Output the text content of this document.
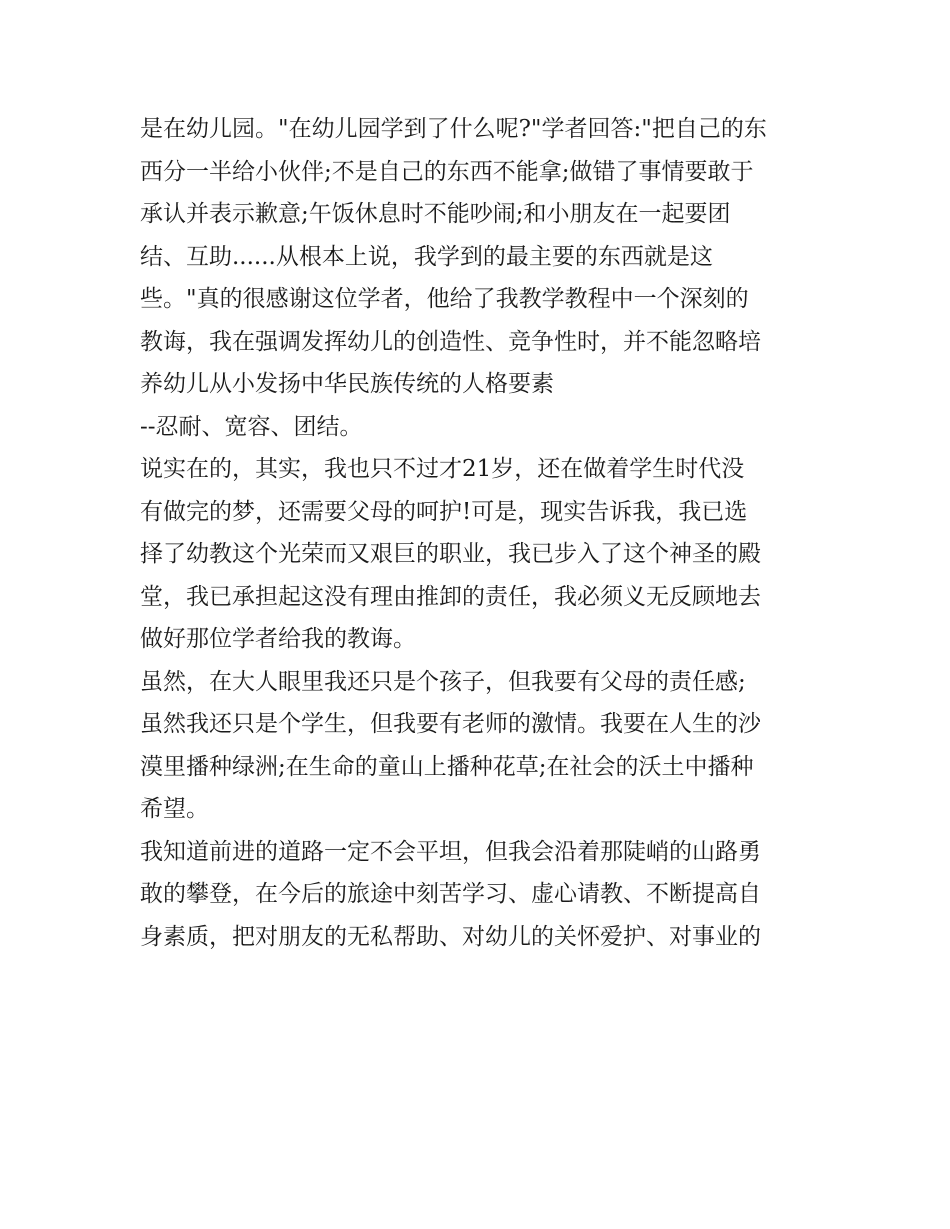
是在幼儿园。"在幼儿园学到了什么呢?"学者回答:"把自己的东
西分一半给小伙伴;不是自己的东西不能拿;做错了事情要敢于
承认并表示歉意;午饭休息时不能吵闹;和小朋友在一起要团
结、互助......从根本上说，我学到的最主要的东西就是这
些。"真的很感谢这位学者，他给了我教学教程中一个深刻的
教诲，我在强调发挥幼儿的创造性、竞争性时，并不能忽略培
养幼儿从小发扬中华民族传统的人格要素
--忍耐、宽容、团结。
说实在的，其实，我也只不过才21岁，还在做着学生时代没
有做完的梦，还需要父母的呵护!可是，现实告诉我，我已选
择了幼教这个光荣而又艰巨的职业，我已步入了这个神圣的殿
堂，我已承担起这没有理由推卸的责任，我必须义无反顾地去
做好那位学者给我的教诲。
虽然，在大人眼里我还只是个孩子，但我要有父母的责任感;
虽然我还只是个学生，但我要有老师的激情。我要在人生的沙
漠里播种绿洲;在生命的童山上播种花草;在社会的沃土中播种
希望。
我知道前进的道路一定不会平坦，但我会沿着那陡峭的山路勇
敢的攀登，在今后的旅途中刻苦学习、虚心请教、不断提高自
身素质，把对朋友的无私帮助、对幼儿的关怀爱护、对事业的
